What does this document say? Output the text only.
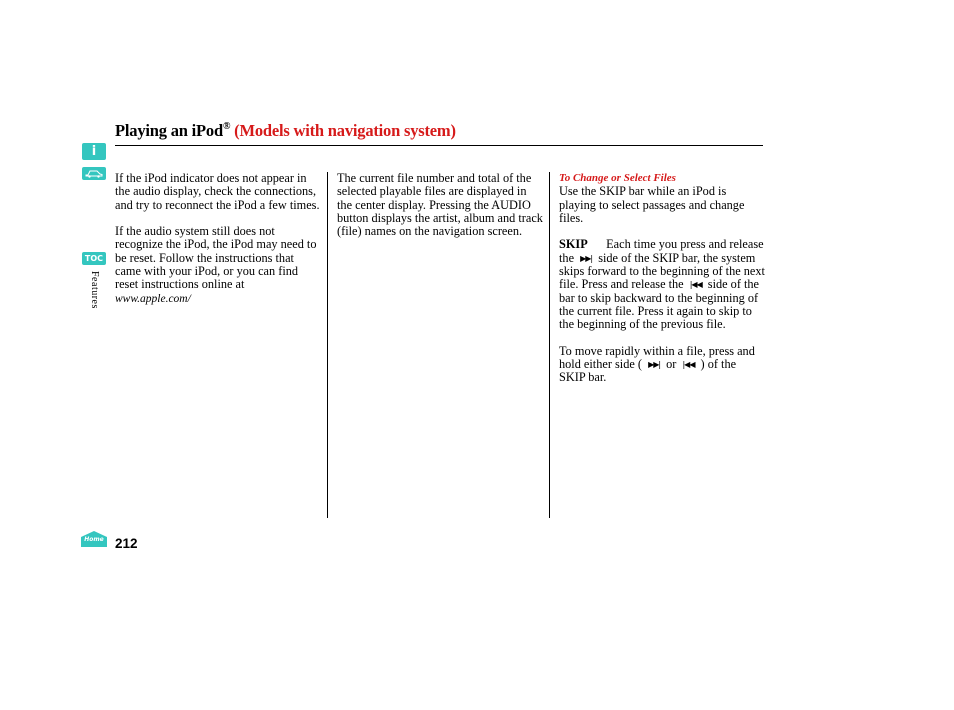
Playing an iPod® (Models with navigation system)
i
TOC
Features
Home 212

If the iPod indicator does not appear in the audio display, check the connections, and try to reconnect the iPod a few times.

If the audio system still does not recognize the iPod, the iPod may need to be reset. Follow the instructions that came with your iPod, or you can find reset instructions online at www.apple.com/

The current file number and total of the selected playable files are displayed in the center display. Pressing the AUDIO button displays the artist, album and track (file) names on the navigation screen.

To Change or Select Files

Use the SKIP bar while an iPod is playing to select passages and change files.

SKIP Each time you press and release the ▶▶| side of the SKIP bar, the system skips forward to the beginning of the next file. Press and release the |◀◀ side of the bar to skip backward to the beginning of the current file. Press it again to skip to the beginning of the previous file.

To move rapidly within a file, press and hold either side ( ▶▶| or |◀◀ ) of the SKIP bar.
